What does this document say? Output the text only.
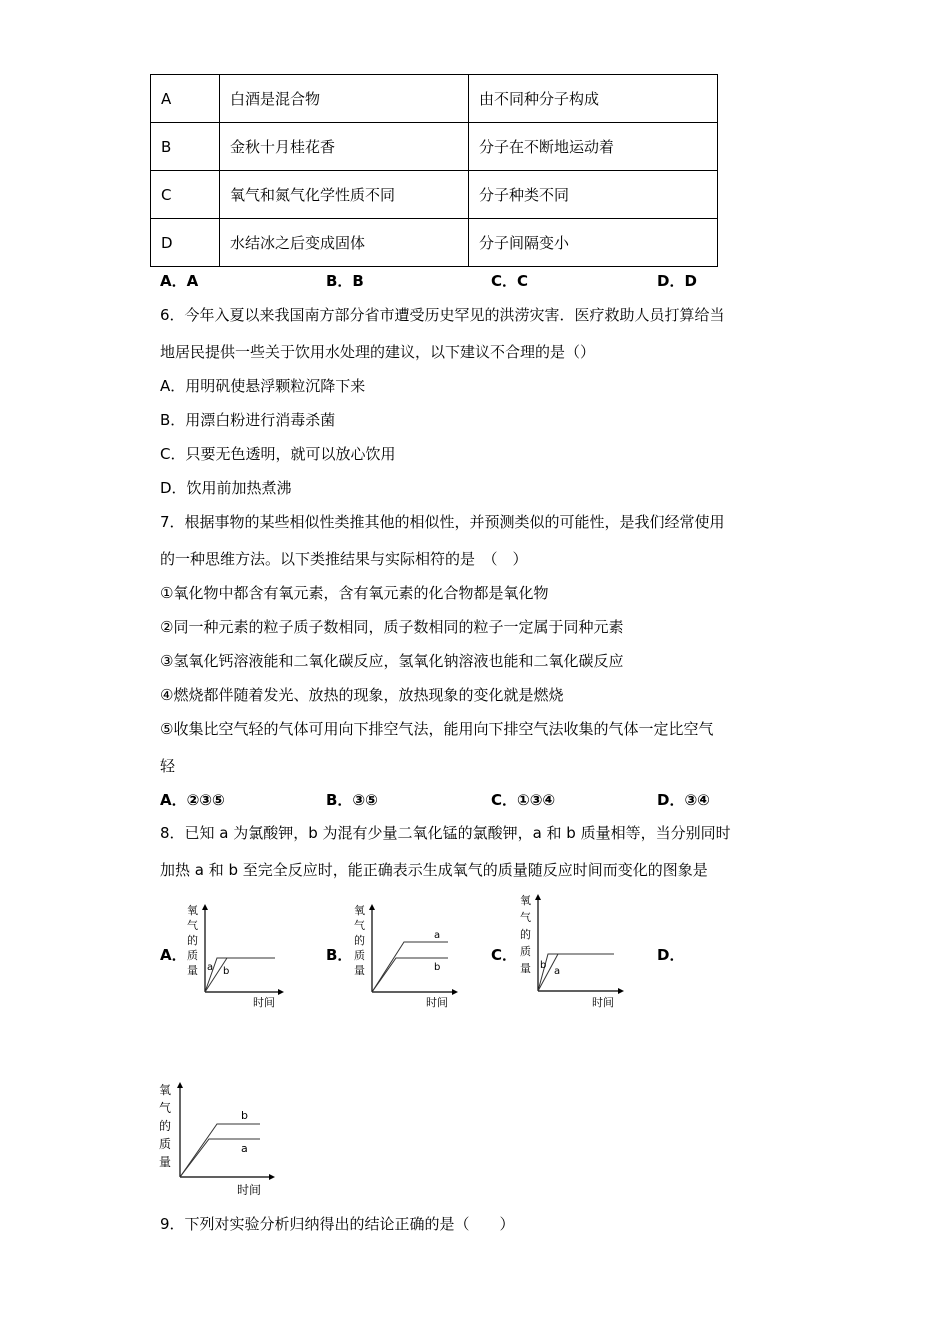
A	白酒是混合物	由不同种分子构成
B	金秋十月桂花香	分子在不断地运动着
C	氧气和氮气化学性质不同	分子种类不同
D	水结冰之后变成固体	分子间隔变小
A．A	B．B	C．C	D．D
6．今年入夏以来我国南方部分省市遭受历史罕见的洪涝灾害．医疗救助人员打算给当
地居民提供一些关于饮用水处理的建议，以下建议不合理的是（）
A．用明矾使悬浮颗粒沉降下来
B．用漂白粉进行消毒杀菌
C．只要无色透明，就可以放心饮用
D．饮用前加热煮沸
7．根据事物的某些相似性类推其他的相似性，并预测类似的可能性，是我们经常使用
的一种思维方法。以下类推结果与实际相符的是　（　）
①氧化物中都含有氧元素，含有氧元素的化合物都是氧化物
②同一种元素的粒子质子数相同，质子数相同的粒子一定属于同种元素
③氢氧化钙溶液能和二氧化碳反应，氢氧化钠溶液也能和二氧化碳反应
④燃烧都伴随着发光、放热的现象，放热现象的变化就是燃烧
⑤收集比空气轻的气体可用向下排空气法，能用向下排空气法收集的气体一定比空气
轻
A．②③⑤	B．③⑤	C．①③④	D．③④
8．已知 a 为氯酸钾，b 为混有少量二氧化锰的氯酸钾，a 和 b 质量相等，当分别同时
加热 a 和 b 至完全反应时，能正确表示生成氧气的质量随反应时间而变化的图象是
A．	B．	C．	D．
氧
气
的
质
量
时间
a b
氧
气
的
质
量
时间
a
b
氧
气
的
质
量
时间
b
a
氧
气
的
质
量
时间
b
a
9．下列对实验分析归纳得出的结论正确的是（　　）
